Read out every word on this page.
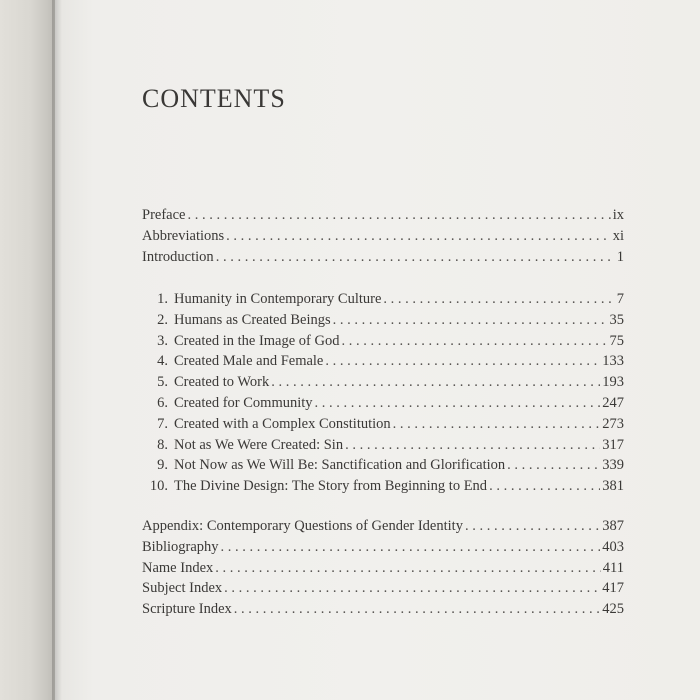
CONTENTS
Preface . . .	ix
Abbreviations . . .	xi
Introduction . . .	1
1. Humanity in Contemporary Culture . . .	7
2. Humans as Created Beings . . .	35
3. Created in the Image of God . . .	75
4. Created Male and Female . . .	133
5. Created to Work . . .	193
6. Created for Community . . .	247
7. Created with a Complex Constitution . . .	273
8. Not as We Were Created: Sin . . .	317
9. Not Now as We Will Be: Sanctification and Glorification . . .	339
10. The Divine Design: The Story from Beginning to End . . .	381
Appendix: Contemporary Questions of Gender Identity . . .	387
Bibliography . . .	403
Name Index . . .	411
Subject Index . . .	417
Scripture Index . . .	425
